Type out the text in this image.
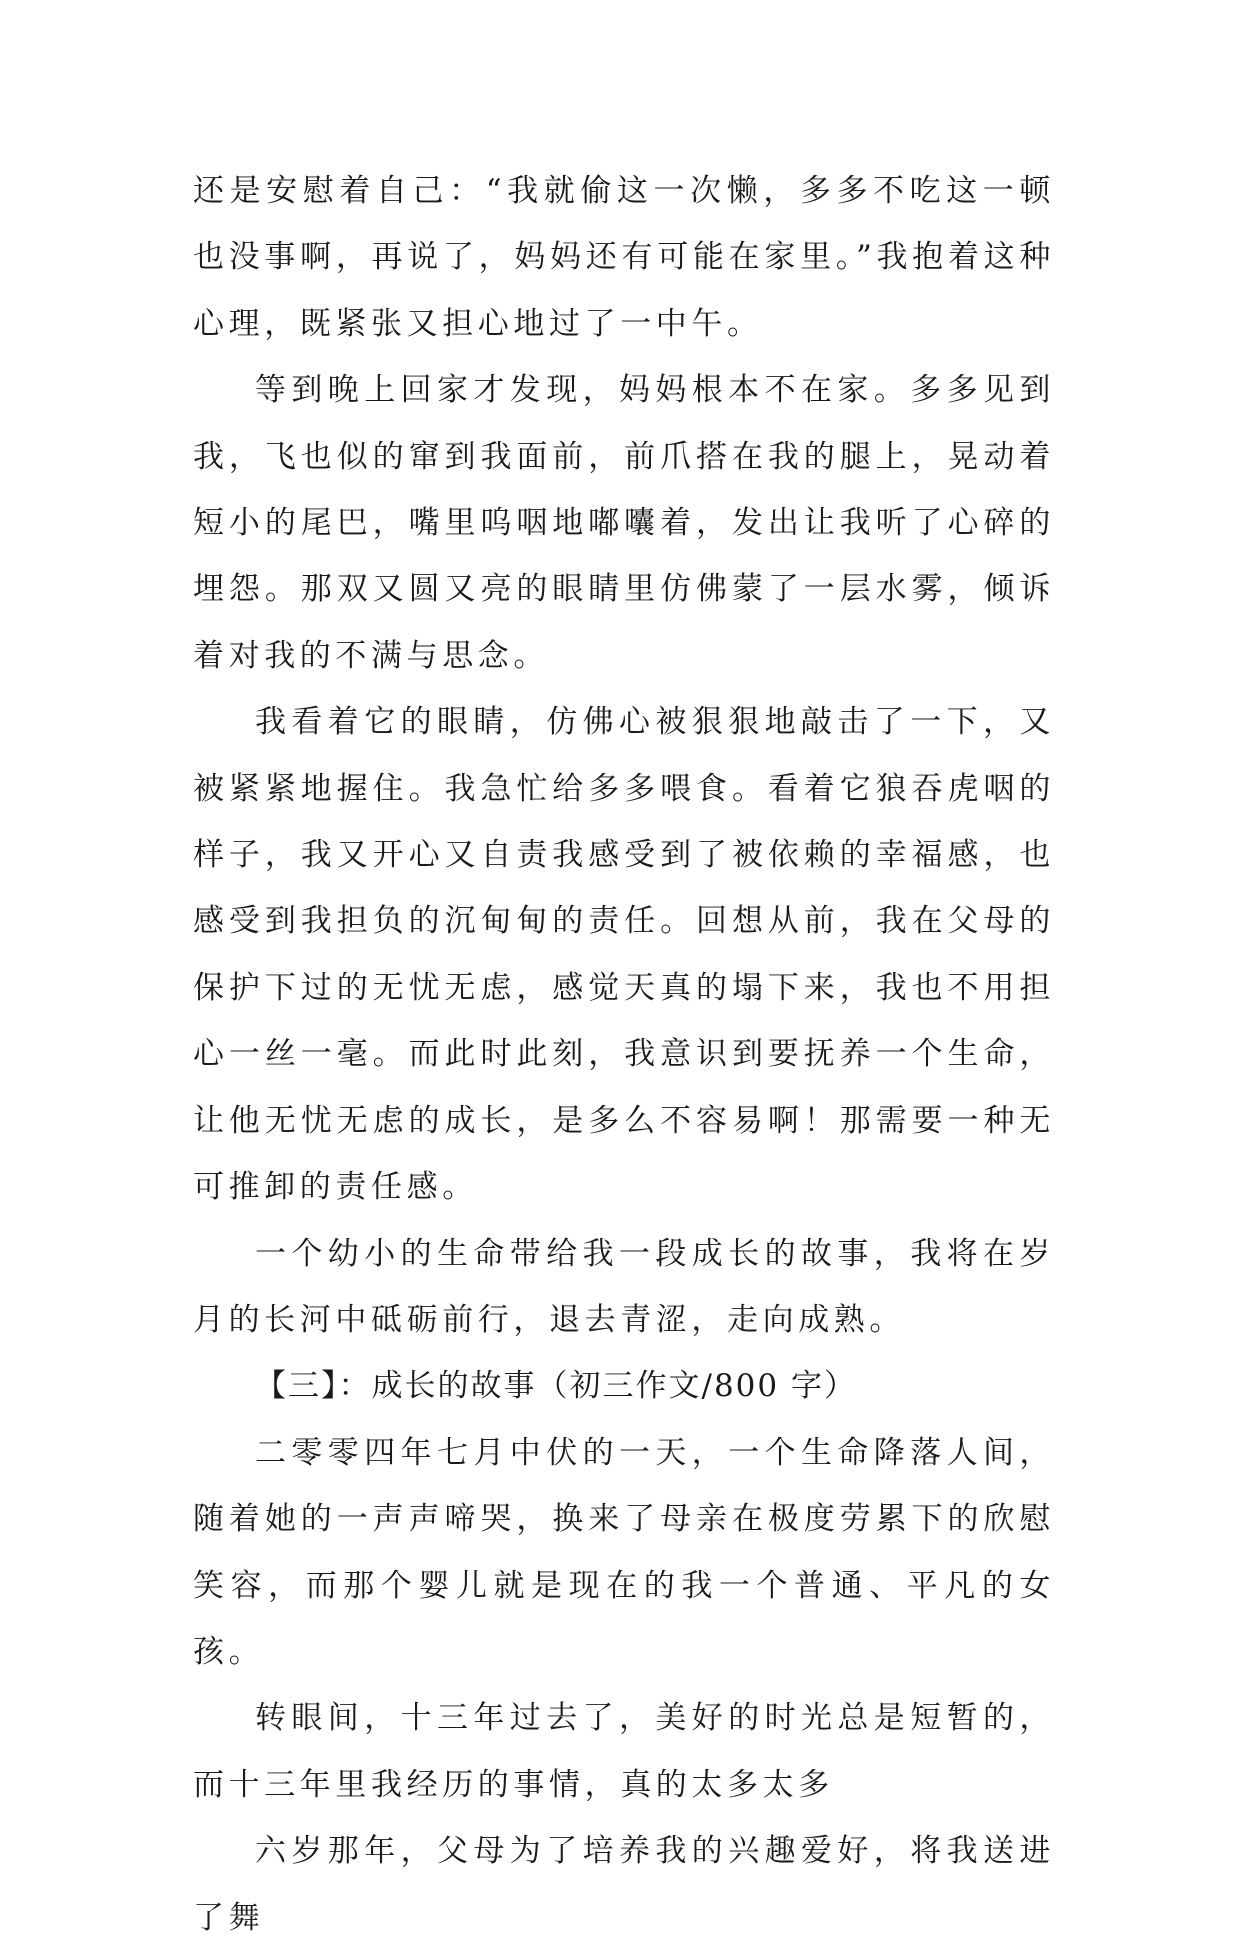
还是安慰着自己：“我就偷这一次懒，多多不吃这一顿也没事啊，再说了，妈妈还有可能在家里。”我抱着这种心理，既紧张又担心地过了一中午。

等到晚上回家才发现，妈妈根本不在家。多多见到我，飞也似的窜到我面前，前爪搭在我的腿上，晃动着短小的尾巴，嘴里呜咽地嘟囔着，发出让我听了心碎的埋怨。那双又圆又亮的眼睛里仿佛蒙了一层水雾，倾诉着对我的不满与思念。

我看着它的眼睛，仿佛心被狠狠地敲击了一下，又被紧紧地握住。我急忙给多多喂食。看着它狼吞虎咽的样子，我又开心又自责我感受到了被依赖的幸福感，也感受到我担负的沉甸甸的责任。回想从前，我在父母的保护下过的无忧无虑，感觉天真的塌下来，我也不用担心一丝一毫。而此时此刻，我意识到要抚养一个生命，让他无忧无虑的成长，是多么不容易啊！那需要一种无可推卸的责任感。

一个幼小的生命带给我一段成长的故事，我将在岁月的长河中砥砺前行，退去青涩，走向成熟。

【三】：成长的故事（初三作文/800 字）

二零零四年七月中伏的一天，一个生命降落人间，随着她的一声声啼哭，换来了母亲在极度劳累下的欣慰笑容，而那个婴儿就是现在的我一个普通、平凡的女孩。

转眼间，十三年过去了，美好的时光总是短暂的，而十三年里我经历的事情，真的太多太多

六岁那年，父母为了培养我的兴趣爱好，将我送进了舞
